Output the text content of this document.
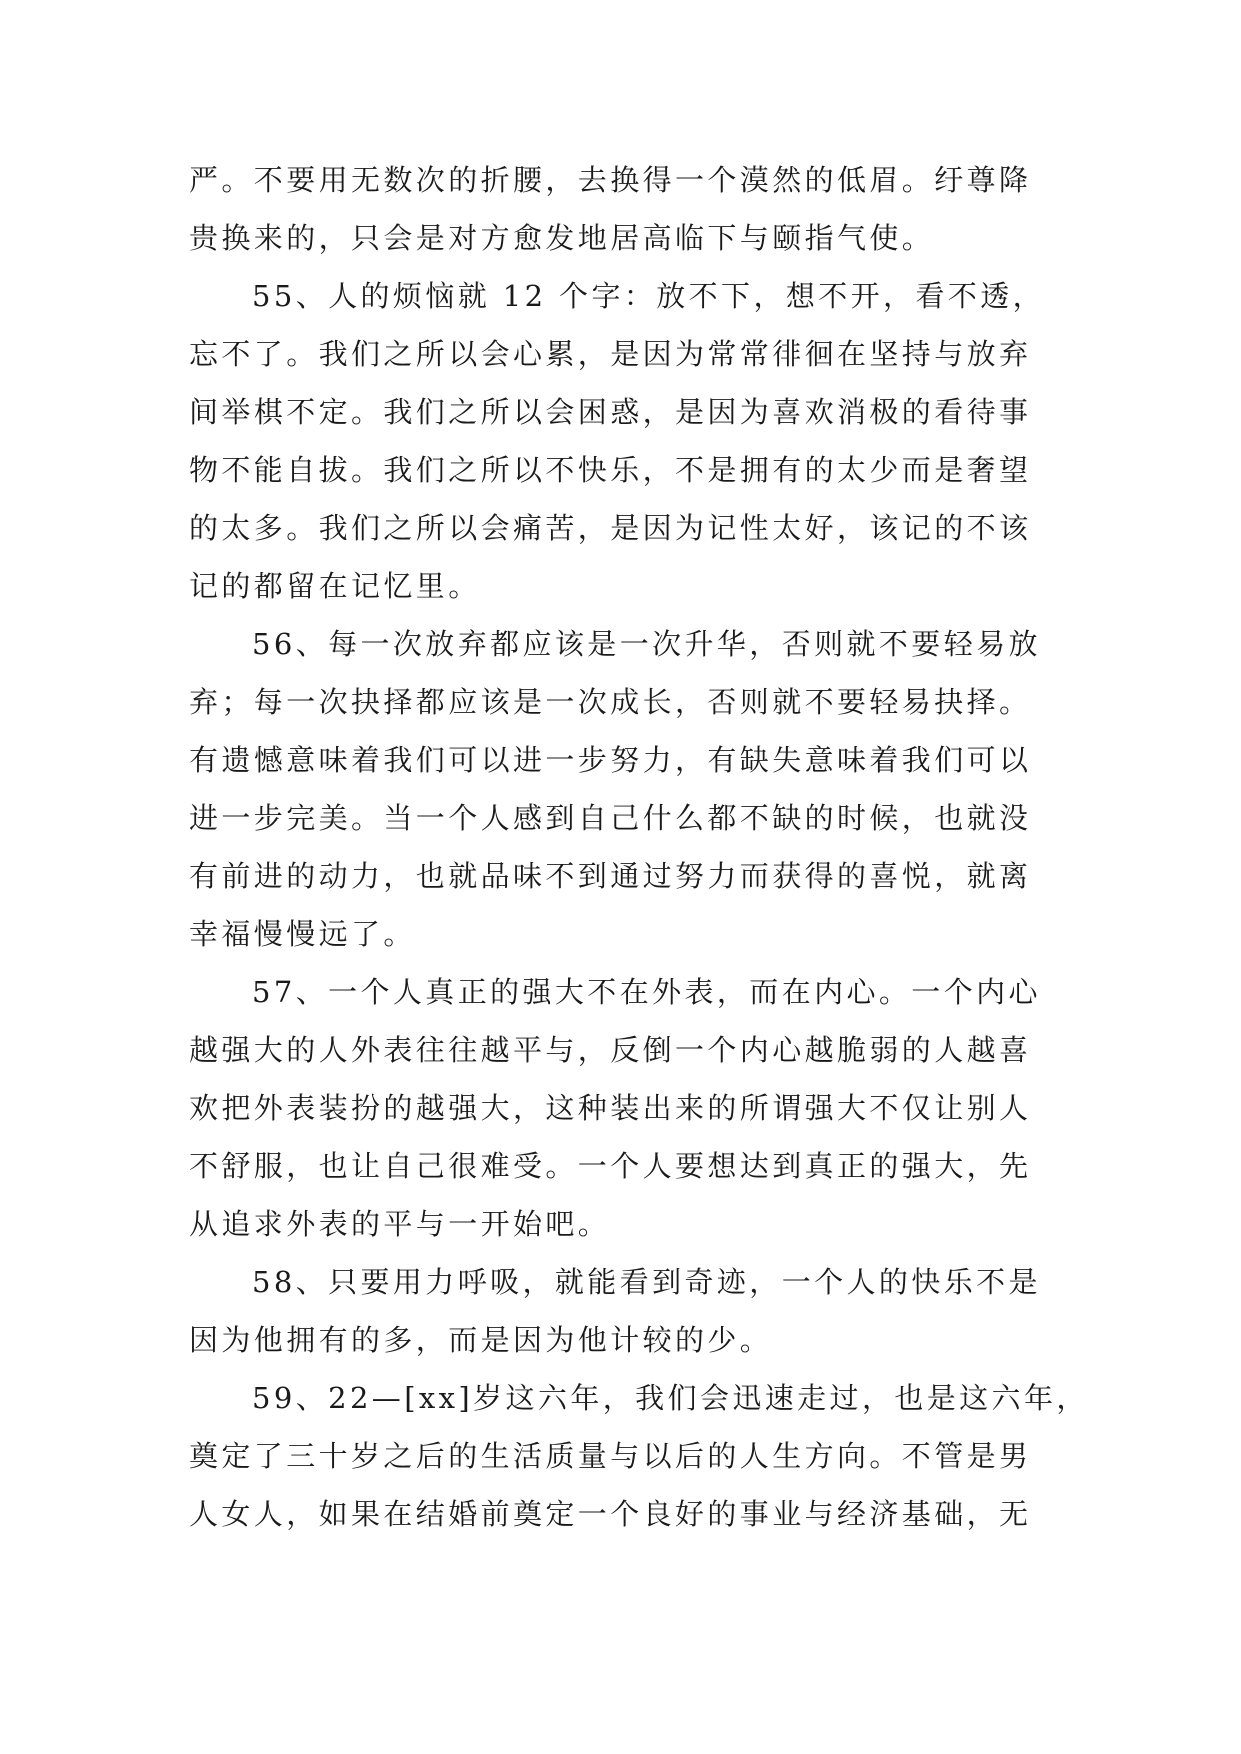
严。不要用无数次的折腰，去换得一个漠然的低眉。纡尊降
贵换来的，只会是对方愈发地居高临下与颐指气使。
55、人的烦恼就 12 个字：放不下，想不开，看不透，
忘不了。我们之所以会心累，是因为常常徘徊在坚持与放弃
间举棋不定。我们之所以会困惑，是因为喜欢消极的看待事
物不能自拔。我们之所以不快乐，不是拥有的太少而是奢望
的太多。我们之所以会痛苦，是因为记性太好，该记的不该
记的都留在记忆里。
56、每一次放弃都应该是一次升华，否则就不要轻易放
弃；每一次抉择都应该是一次成长，否则就不要轻易抉择。
有遗憾意味着我们可以进一步努力，有缺失意味着我们可以
进一步完美。当一个人感到自己什么都不缺的时候，也就没
有前进的动力，也就品味不到通过努力而获得的喜悦，就离
幸福慢慢远了。
57、一个人真正的强大不在外表，而在内心。一个内心
越强大的人外表往往越平与，反倒一个内心越脆弱的人越喜
欢把外表装扮的越强大，这种装出来的所谓强大不仅让别人
不舒服，也让自己很难受。一个人要想达到真正的强大，先
从追求外表的平与一开始吧。
58、只要用力呼吸，就能看到奇迹，一个人的快乐不是
因为他拥有的多，而是因为他计较的少。
59、22—[xx]岁这六年，我们会迅速走过，也是这六年，
奠定了三十岁之后的生活质量与以后的人生方向。不管是男
人女人，如果在结婚前奠定一个良好的事业与经济基础，无
